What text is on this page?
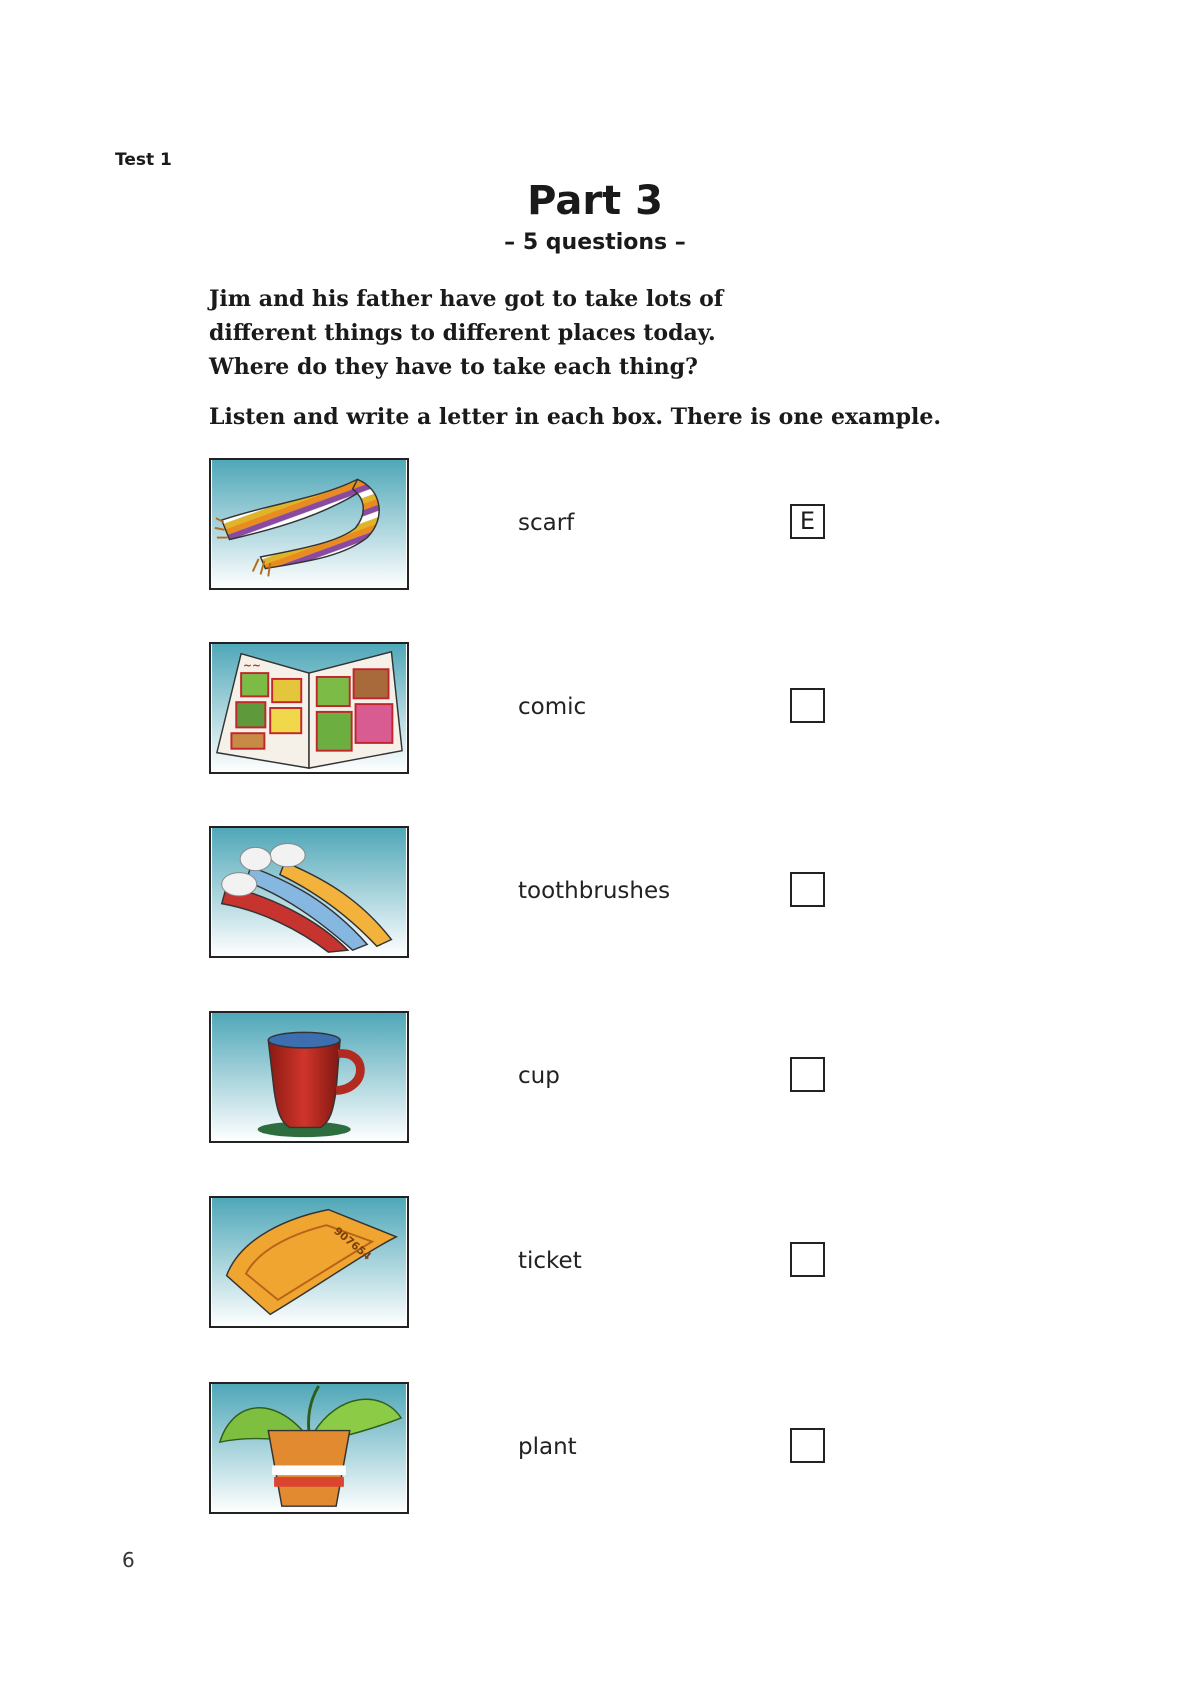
Test 1
Part 3
– 5 questions –
Jim and his father have got to take lots of
different things to different places today.
Where do they have to take each thing?
Listen and write a letter in each box. There is one example.
scarf	E
~~
comic
toothbrushes
cup
907654	ticket
plant
6
